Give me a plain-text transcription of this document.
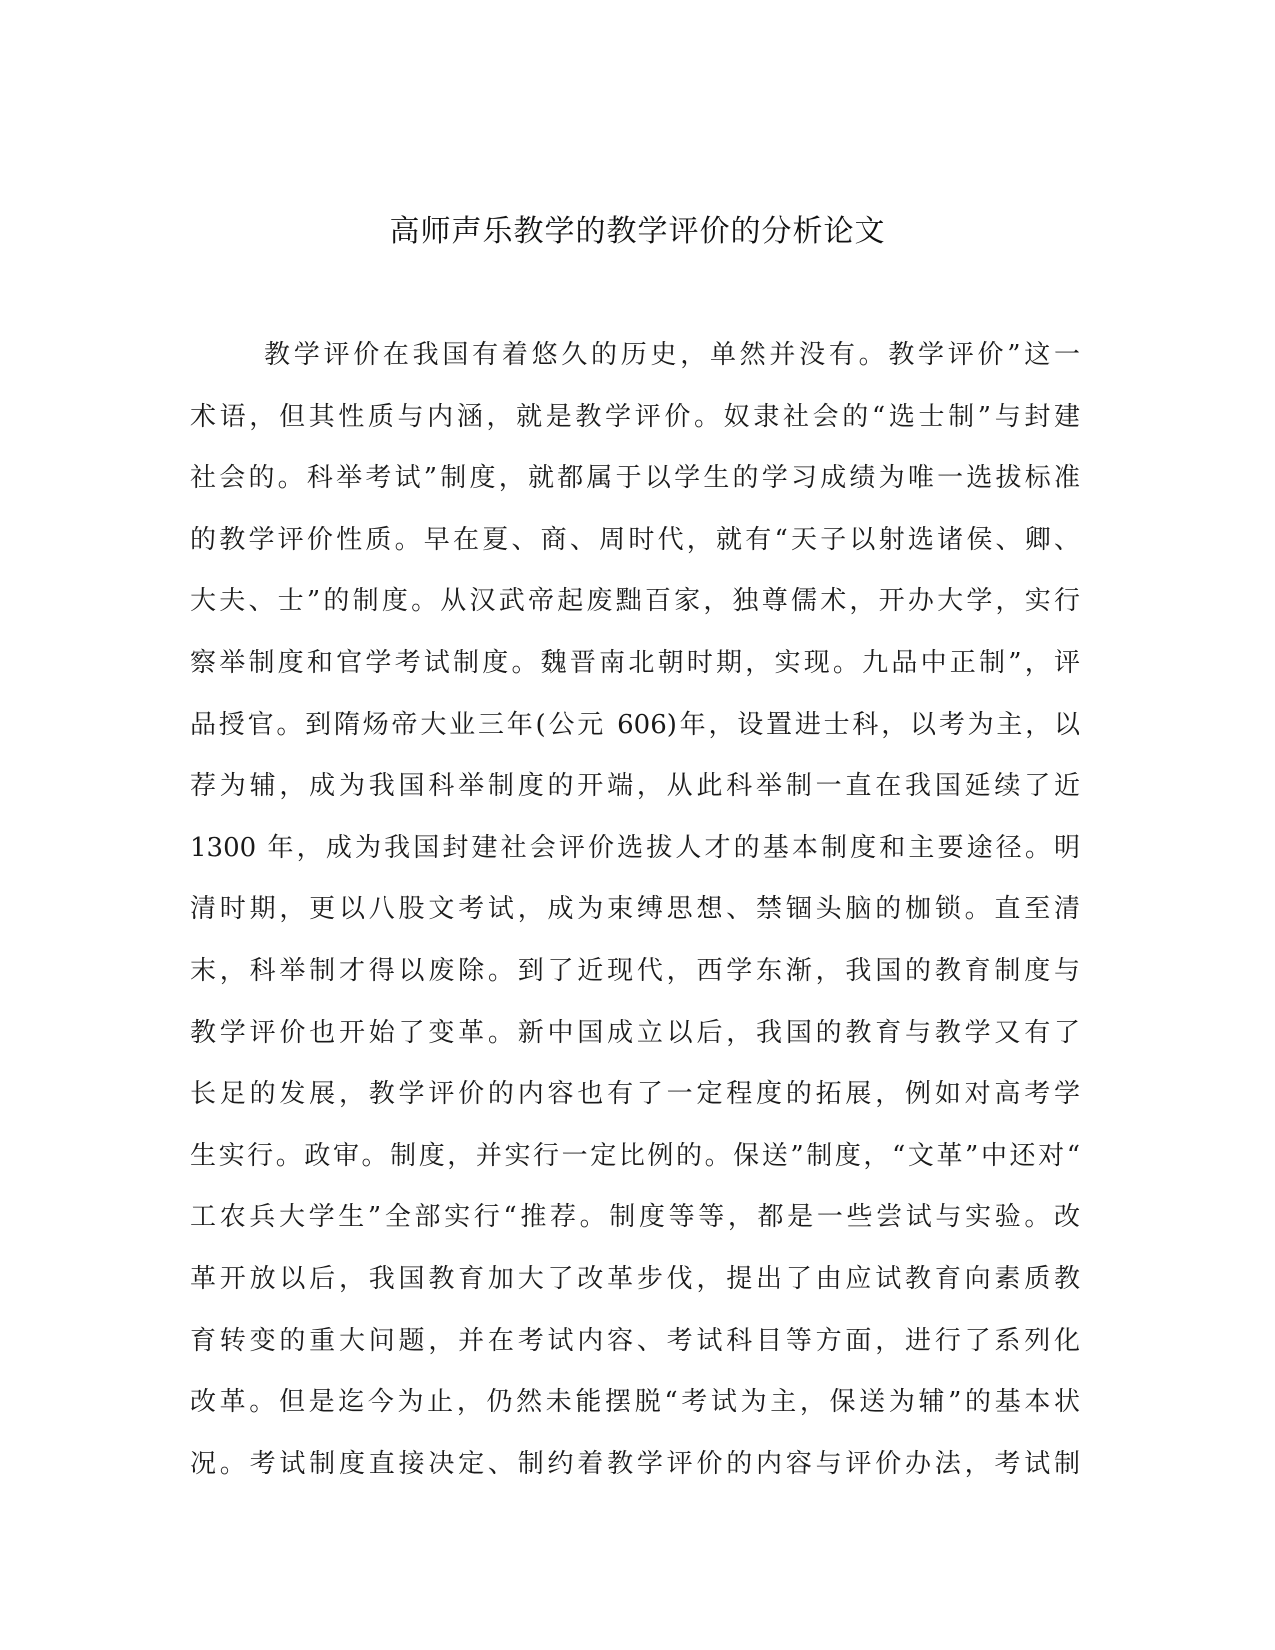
高师声乐教学的教学评价的分析论文
教学评价在我国有着悠久的历史，单然并没有。教学评价”这一
术语，但其性质与内涵，就是教学评价。奴隶社会的“选士制”与封建
社会的。科举考试”制度，就都属于以学生的学习成绩为唯一选拔标准
的教学评价性质。早在夏、商、周时代，就有“天子以射选诸侯、卿、
大夫、士”的制度。从汉武帝起废黜百家，独尊儒术，开办大学，实行
察举制度和官学考试制度。魏晋南北朝时期，实现。九品中正制”，评
品授官。到隋炀帝大业三年(公元 606)年，设置进士科，以考为主，以
荐为辅，成为我国科举制度的开端，从此科举制一直在我国延续了近
1300 年，成为我国封建社会评价选拔人才的基本制度和主要途径。明
清时期，更以八股文考试，成为束缚思想、禁锢头脑的枷锁。直至清
末，科举制才得以废除。到了近现代，西学东渐，我国的教育制度与
教学评价也开始了变革。新中国成立以后，我国的教育与教学又有了
长足的发展，教学评价的内容也有了一定程度的拓展，例如对高考学
生实行。政审。制度，并实行一定比例的。保送”制度，“文革”中还对“
工农兵大学生”全部实行“推荐。制度等等，都是一些尝试与实验。改
革开放以后，我国教育加大了改革步伐，提出了由应试教育向素质教
育转变的重大问题，并在考试内容、考试科目等方面，进行了系列化
改革。但是迄今为止，仍然未能摆脱“考试为主，保送为辅”的基本状
况。考试制度直接决定、制约着教学评价的内容与评价办法，考试制
